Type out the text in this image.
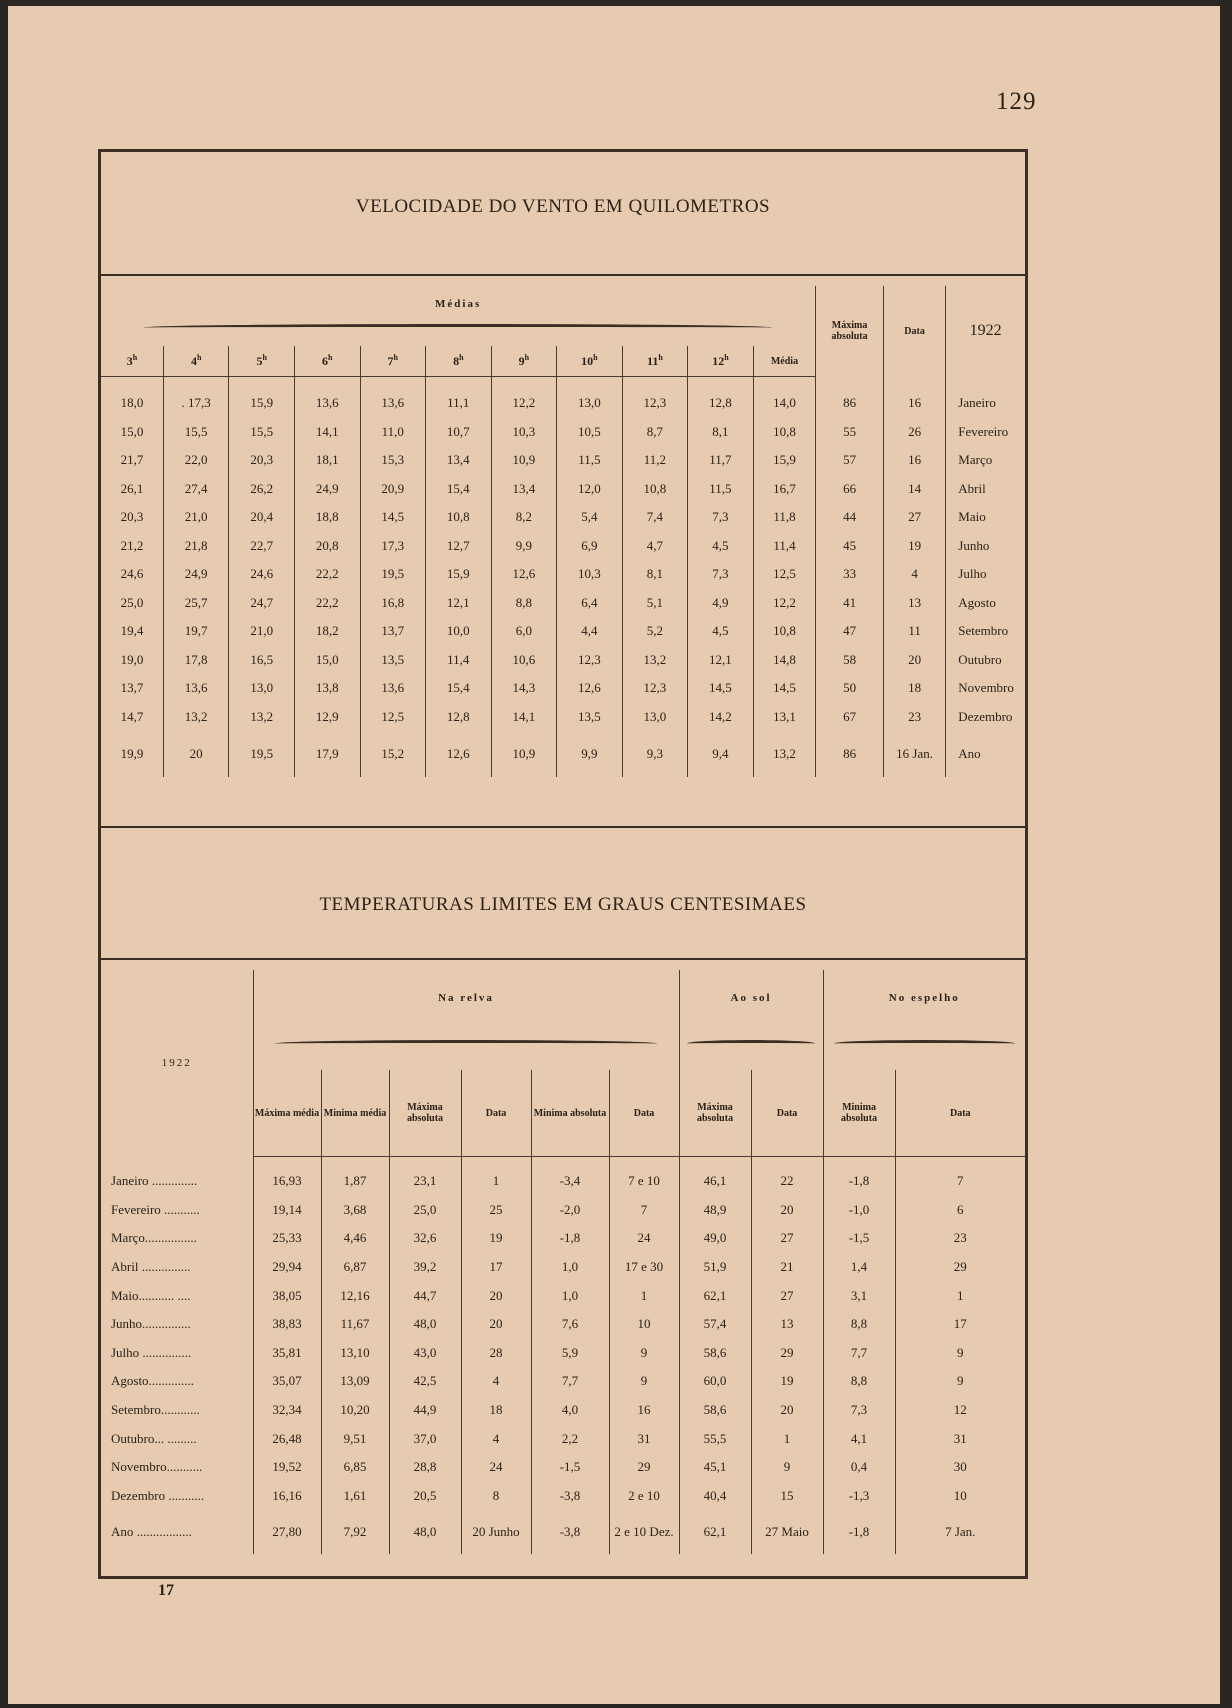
129
VELOCIDADE DO VENTO EM QUILOMETROS
Médias											Máxima absoluta	Data	1922
3$^h$	4$^h$	5$^h$	6$^h$	7$^h$	8$^h$	9$^h$	10$^h$	11$^h$	12$^h$	Média			

18,0	. 17,3	15,9	13,6	13,6	11,1	12,2	13,0	12,3	12,8	14,0	86	16	Janeiro
15,0	15,5	15,5	14,1	11,0	10,7	10,3	10,5	8,7	8,1	10,8	55	26	Fevereiro
21,7	22,0	20,3	18,1	15,3	13,4	10,9	11,5	11,2	11,7	15,9	57	16	Março
26,1	27,4	26,2	24,9	20,9	15,4	13,4	12,0	10,8	11,5	16,7	66	14	Abril
20,3	21,0	20,4	18,8	14,5	10,8	8,2	5,4	7,4	7,3	11,8	44	27	Maio
21,2	21,8	22,7	20,8	17,3	12,7	9,9	6,9	4,7	4,5	11,4	45	19	Junho
24,6	24,9	24,6	22,2	19,5	15,9	12,6	10,3	8,1	7,3	12,5	33	4	Julho
25,0	25,7	24,7	22,2	16,8	12,1	8,8	6,4	5,1	4,9	12,2	41	13	Agosto
19,4	19,7	21,0	18,2	13,7	10,0	6,0	4,4	5,2	4,5	10,8	47	11	Setembro
19,0	17,8	16,5	15,0	13,5	11,4	10,6	12,3	13,2	12,1	14,8	58	20	Outubro
13,7	13,6	13,0	13,8	13,6	15,4	14,3	12,6	12,3	14,5	14,5	50	18	Novembro
14,7	13,2	13,2	12,9	12,5	12,8	14,1	13,5	13,0	14,2	13,1	67	23	Dezembro
19,9	20	19,5	17,9	15,2	12,6	10,9	9,9	9,3	9,4	13,2	86	16 Jan.	Ano
TEMPERATURAS LIMITES EM GRAUS CENTESIMAES
1922	Na relva						Ao sol		No espelho	

	Máxima média	Minima média	Máxima absoluta	Data	Minima absoluta	Data	Máxima absoluta	Data	Minima absoluta	Data

Janeiro ..............	16,93	1,87	23,1	1	-3,4	7 e 10	46,1	22	-1,8	7
Fevereiro ...........	19,14	3,68	25,0	25	-2,0	7	48,9	20	-1,0	6
Março................	25,33	4,46	32,6	19	-1,8	24	49,0	27	-1,5	23
Abril ...............	29,94	6,87	39,2	17	1,0	17 e 30	51,9	21	1,4	29
Maio........... ....	38,05	12,16	44,7	20	1,0	1	62,1	27	3,1	1
Junho...............	38,83	11,67	48,0	20	7,6	10	57,4	13	8,8	17
Julho ...............	35,81	13,10	43,0	28	5,9	9	58,6	29	7,7	9
Agosto..............	35,07	13,09	42,5	4	7,7	9	60,0	19	8,8	9
Setembro............	32,34	10,20	44,9	18	4,0	16	58,6	20	7,3	12
Outubro... .........	26,48	9,51	37,0	4	2,2	31	55,5	1	4,1	31
Novembro...........	19,52	6,85	28,8	24	-1,5	29	45,1	9	0,4	30
Dezembro ...........	16,16	1,61	20,5	8	-3,8	2 e 10	40,4	15	-1,3	10
Ano .................	27,80	7,92	48,0	20 Junho	-3,8	2 e 10 Dez.	62,1	27 Maio	-1,8	7 Jan.
17
